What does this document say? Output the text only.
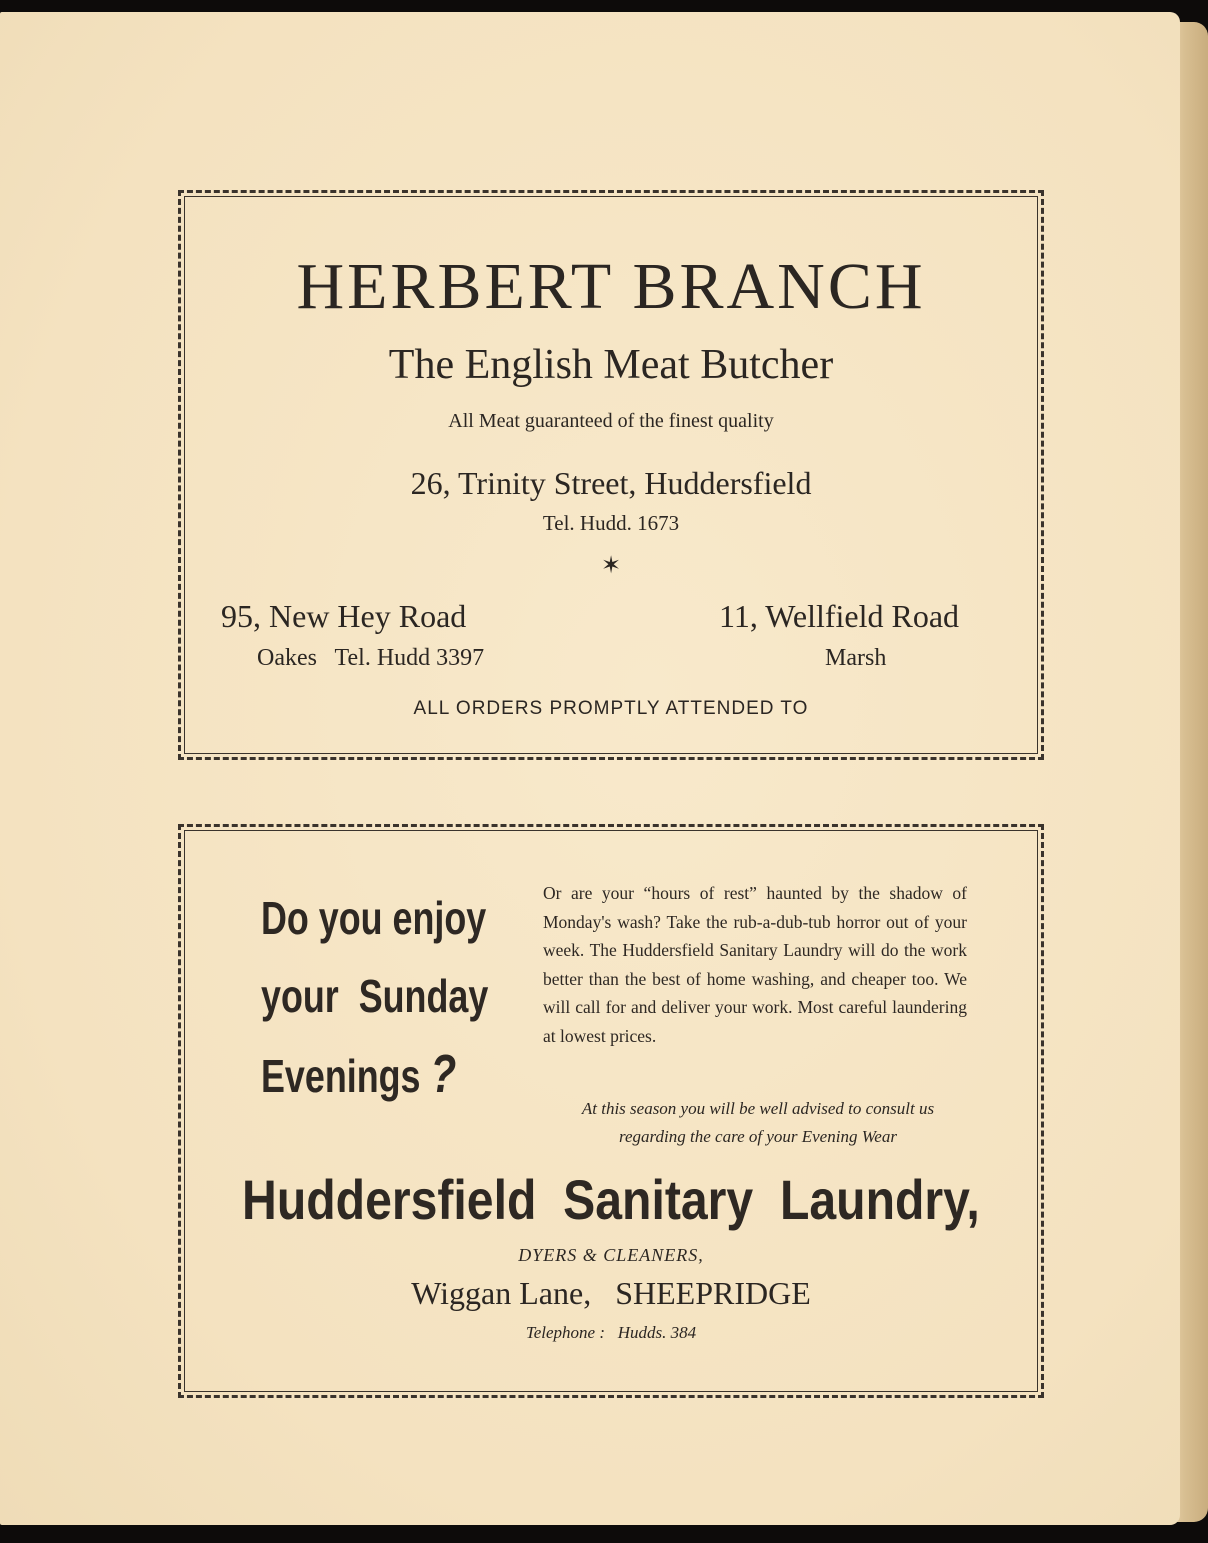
HERBERT BRANCH
The English Meat Butcher
All Meat guaranteed of the finest quality
26, Trinity Street, Huddersfield
Tel. Hudd. 1673
✶
95, New Hey Road
Oakes   Tel. Hudd 3397
11, Wellfield Road
Marsh
ALL ORDERS PROMPTLY ATTENDED TO
Do you enjoy
your  Sunday
Evenings ?
Or are your “hours of rest” haunted by the shadow of Monday's wash? Take the rub-a-dub-tub horror out of your week. The Huddersfield Sanitary Laundry will do the work better than the best of home washing, and cheaper too. We will call for and deliver your work. Most careful laundering at lowest prices.
At this season you will be well advised to consult us regarding the care of your Evening Wear
Huddersfield  Sanitary  Laundry,
DYERS & CLEANERS,
Wiggan Lane,   SHEEPRIDGE
Telephone :   Hudds. 384
